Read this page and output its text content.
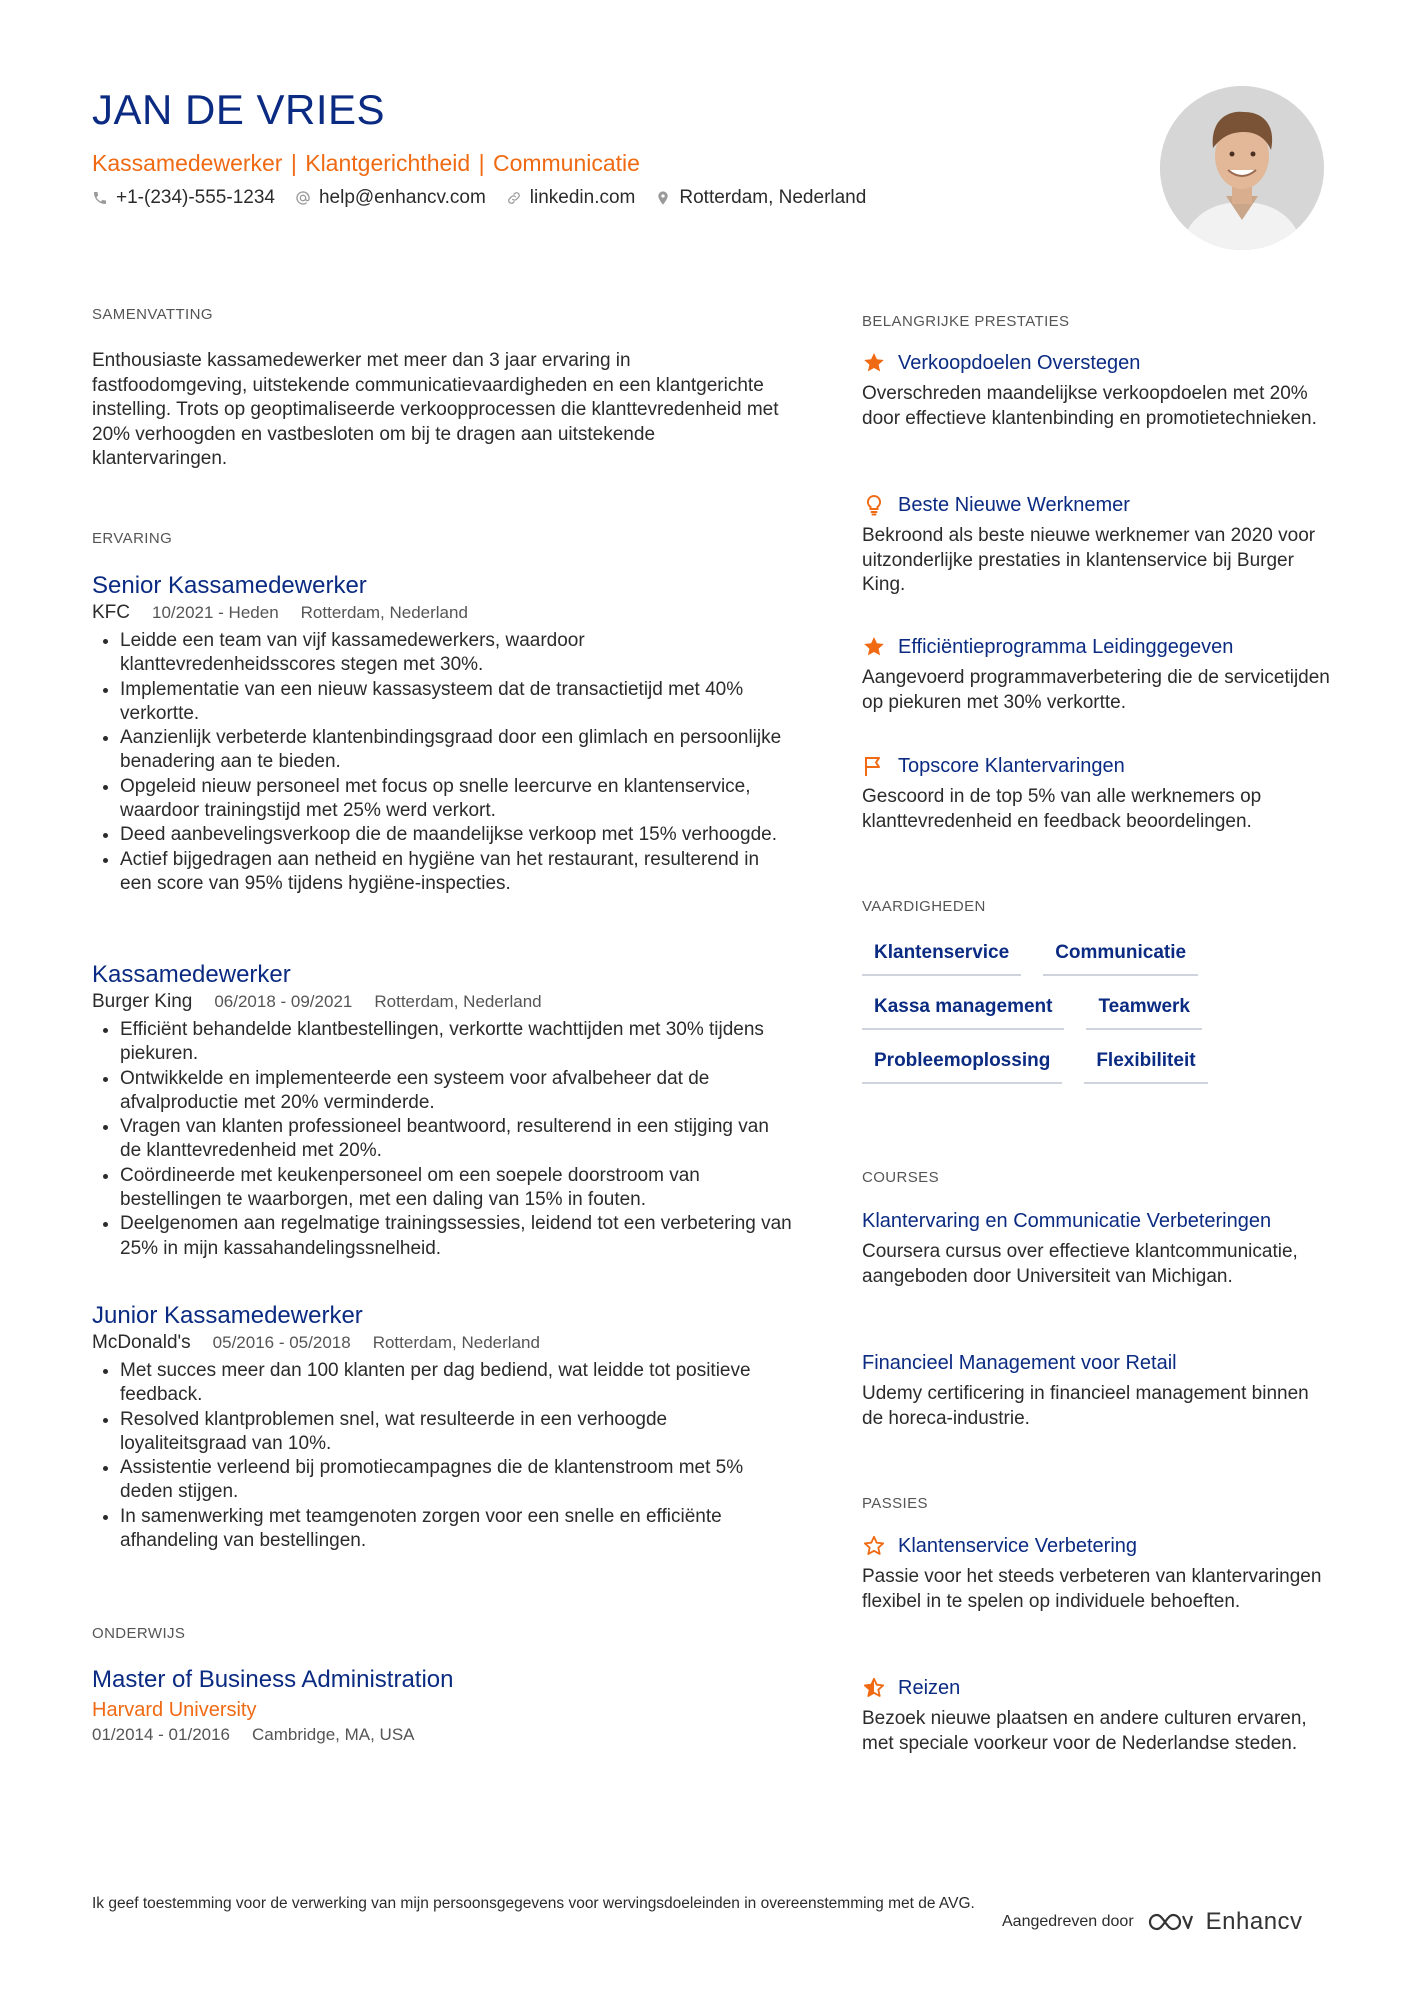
JAN DE VRIES
Kassamedewerker | Klantgerichtheid | Communicatie
+1-(234)-555-1234 help@enhancv.com linkedin.com Rotterdam, Nederland
SAMENVATTING
Enthousiaste kassamedewerker met meer dan 3 jaar ervaring in fastfoodomgeving, uitstekende communicatievaardigheden en een klantgerichte instelling. Trots op geoptimaliseerde verkoopprocessen die klanttevredenheid met 20% verhoogden en vastbesloten om bij te dragen aan uitstekende klantervaringen.
ERVARING
Senior Kassamedewerker
KFC 10/2021 - Heden Rotterdam, Nederland
• Leidde een team van vijf kassamedewerkers, waardoor klanttevredenheidsscores stegen met 30%.
• Implementatie van een nieuw kassasysteem dat de transactietijd met 40% verkortte.
• Aanzienlijk verbeterde klantenbindingsgraad door een glimlach en persoonlijke benadering aan te bieden.
• Opgeleid nieuw personeel met focus op snelle leercurve en klantenservice, waardoor trainingstijd met 25% werd verkort.
• Deed aanbevelingsverkoop die de maandelijkse verkoop met 15% verhoogde.
• Actief bijgedragen aan netheid en hygiëne van het restaurant, resulterend in een score van 95% tijdens hygiëne-inspecties.
Kassamedewerker
Burger King 06/2018 - 09/2021 Rotterdam, Nederland
• Efficiënt behandelde klantbestellingen, verkortte wachttijden met 30% tijdens piekuren.
• Ontwikkelde en implementeerde een systeem voor afvalbeheer dat de afvalproductie met 20% verminderde.
• Vragen van klanten professioneel beantwoord, resulterend in een stijging van de klanttevredenheid met 20%.
• Coördineerde met keukenpersoneel om een soepele doorstroom van bestellingen te waarborgen, met een daling van 15% in fouten.
• Deelgenomen aan regelmatige trainingssessies, leidend tot een verbetering van 25% in mijn kassahandelingssnelheid.
Junior Kassamedewerker
McDonald's 05/2016 - 05/2018 Rotterdam, Nederland
• Met succes meer dan 100 klanten per dag bediend, wat leidde tot positieve feedback.
• Resolved klantproblemen snel, wat resulteerde in een verhoogde loyaliteitsgraad van 10%.
• Assistentie verleend bij promotiecampagnes die de klantenstroom met 5% deden stijgen.
• In samenwerking met teamgenoten zorgen voor een snelle en efficiënte afhandeling van bestellingen.
ONDERWIJS
Master of Business Administration
Harvard University
01/2014 - 01/2016 Cambridge, MA, USA
BELANGRIJKE PRESTATIES
Verkoopdoelen Overstegen
Overschreden maandelijkse verkoopdoelen met 20% door effectieve klantenbinding en promotietechnieken.
Beste Nieuwe Werknemer
Bekroond als beste nieuwe werknemer van 2020 voor uitzonderlijke prestaties in klantenservice bij Burger King.
Efficiëntieprogramma Leidinggegeven
Aangevoerd programmaverbetering die de servicetijden op piekuren met 30% verkortte.
Topscore Klantervaringen
Gescoord in de top 5% van alle werknemers op klanttevredenheid en feedback beoordelingen.
VAARDIGHEDEN
Klantenservice	Communicatie
Kassa management	Teamwerk
Probleemoplossing	Flexibiliteit
COURSES
Klantervaring en Communicatie Verbeteringen
Coursera cursus over effectieve klantcommunicatie, aangeboden door Universiteit van Michigan.
Financieel Management voor Retail
Udemy certificering in financieel management binnen de horeca-industrie.
PASSIES
Klantenservice Verbetering
Passie voor het steeds verbeteren van klantervaringen flexibel in te spelen op individuele behoeften.
Reizen
Bezoek nieuwe plaatsen en andere culturen ervaren, met speciale voorkeur voor de Nederlandse steden.
Ik geef toestemming voor de verwerking van mijn persoonsgegevens voor wervingsdoeleinden in overeenstemming met de AVG.
Aangedreven door	Enhancv
